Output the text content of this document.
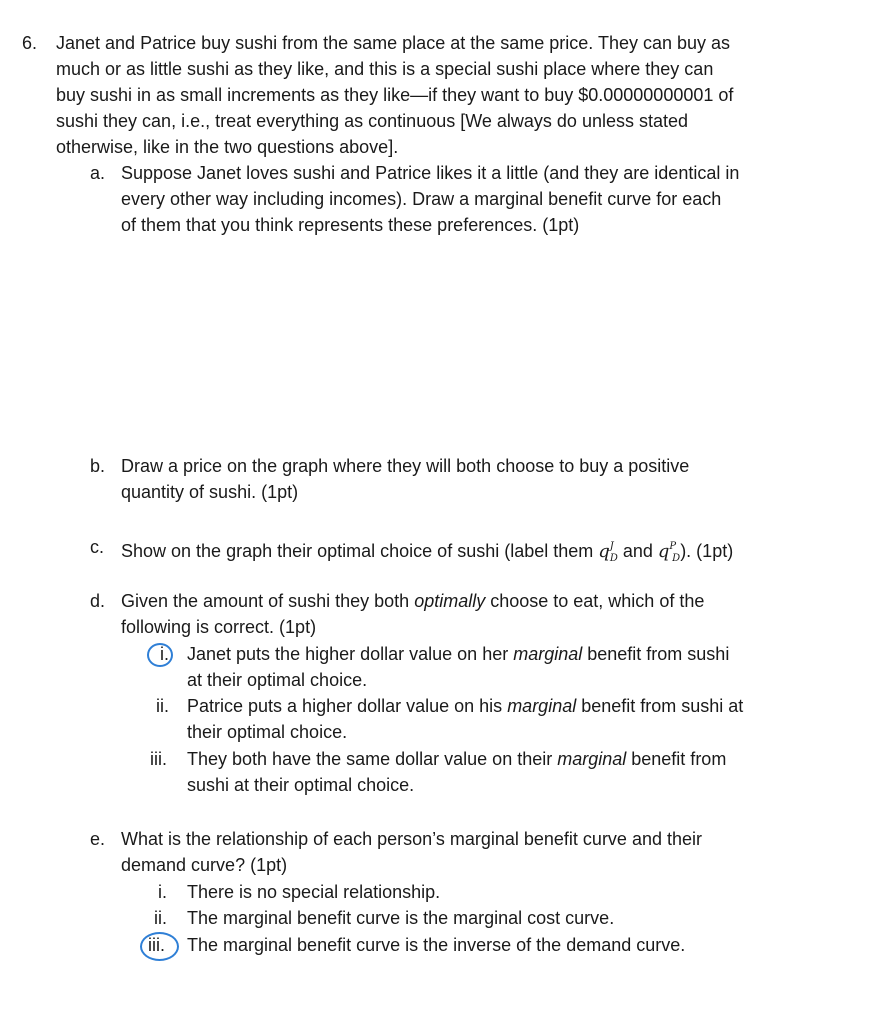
6. Janet and Patrice buy sushi from the same place at the same price. They can buy as
much or as little sushi as they like, and this is a special sushi place where they can
buy sushi in as small increments as they like—if they want to buy $0.00000000001 of
sushi they can, i.e., treat everything as continuous [We always do unless stated
otherwise, like in the two questions above].
a. Suppose Janet loves sushi and Patrice likes it a little (and they are identical in
every other way including incomes). Draw a marginal benefit curve for each
of them that you think represents these preferences. (1pt)
b. Draw a price on the graph where they will both choose to buy a positive
quantity of sushi. (1pt)
c. Show on the graph their optimal choice of sushi (label them $q^J_D$ and $q^P_D$). (1pt)
d. Given the amount of sushi they both optimally choose to eat, which of the
following is correct. (1pt)
i. Janet puts the higher dollar value on her marginal benefit from sushi
at their optimal choice.
ii. Patrice puts a higher dollar value on his marginal benefit from sushi at
their optimal choice.
iii. They both have the same dollar value on their marginal benefit from
sushi at their optimal choice.
e. What is the relationship of each person’s marginal benefit curve and their
demand curve? (1pt)
i. There is no special relationship.
ii. The marginal benefit curve is the marginal cost curve.
iii. The marginal benefit curve is the inverse of the demand curve.
